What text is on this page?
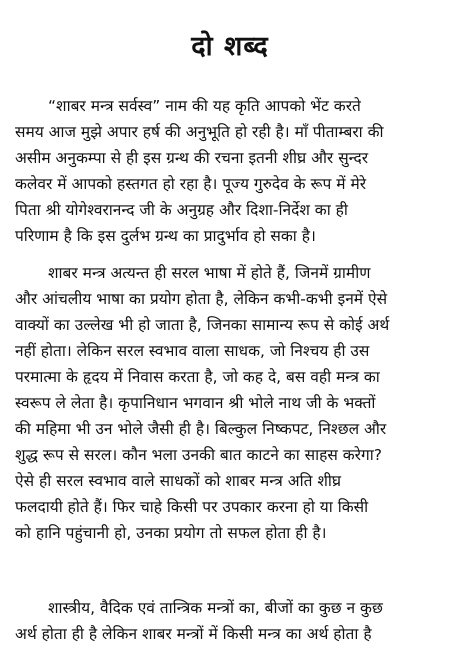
दो शब्द
“शाबर मन्त्र सर्वस्व” नाम की यह कृति आपको भेंट करते
समय आज मुझे अपार हर्ष की अनुभूति हो रही है। माँ पीताम्बरा की
असीम अनुकम्पा से ही इस ग्रन्थ की रचना इतनी शीघ्र और सुन्दर
कलेवर में आपको हस्तगत हो रहा है। पूज्य गुरुदेव के रूप में मेरे
पिता श्री योगेश्वरानन्द जी के अनुग्रह और दिशा-निर्देश का ही
परिणाम है कि इस दुर्लभ ग्रन्थ का प्रादुर्भाव हो सका है।
शाबर मन्त्र अत्यन्त ही सरल भाषा में होते हैं, जिनमें ग्रामीण
और आंचलीय भाषा का प्रयोग होता है, लेकिन कभी-कभी इनमें ऐसे
वाक्यों का उल्लेख भी हो जाता है, जिनका सामान्य रूप से कोई अर्थ
नहीं होता। लेकिन सरल स्वभाव वाला साधक, जो निश्चय ही उस
परमात्मा के हृदय में निवास करता है, जो कह दे, बस वही मन्त्र का
स्वरूप ले लेता है। कृपानिधान भगवान श्री भोले नाथ जी के भक्तों
की महिमा भी उन भोले जैसी ही है। बिल्कुल निष्कपट, निश्छल और
शुद्ध रूप से सरल। कौन भला उनकी बात काटने का साहस करेगा?
ऐसे ही सरल स्वभाव वाले साधकों को शाबर मन्त्र अति शीघ्र
फलदायी होते हैं। फिर चाहे किसी पर उपकार करना हो या किसी
को हानि पहुंचानी हो, उनका प्रयोग तो सफल होता ही है।
शास्त्रीय, वैदिक एवं तान्त्रिक मन्त्रों का, बीजों का कुछ न कुछ
अर्थ होता ही है लेकिन शाबर मन्त्रों में किसी मन्त्र का अर्थ होता है
